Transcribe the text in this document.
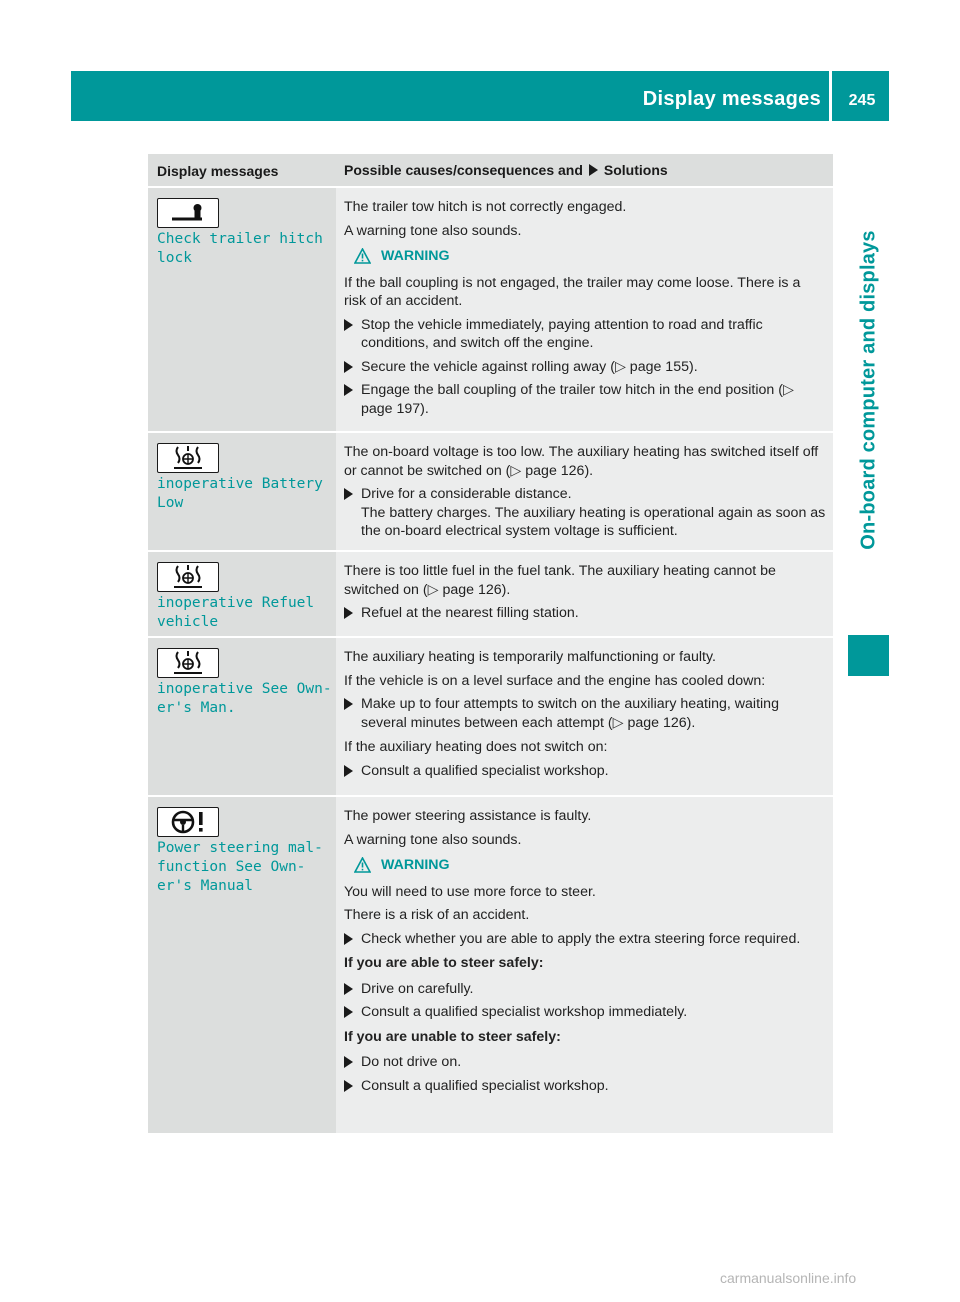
Display messages	245
On-board computer and displays
Display messages	Possible causes/consequences and Solutions
Check trailer hitch
lock
The trailer tow hitch is not correctly engaged.
A warning tone also sounds.
WARNING
If the ball coupling is not engaged, the trailer may come loose. There is a risk of an accident.
Stop the vehicle immediately, paying attention to road and traffic conditions, and switch off the engine.
Secure the vehicle against rolling away (▷ page 155).
Engage the ball coupling of the trailer tow hitch in the end position (▷ page 197).
inoperative Battery
Low
The on-board voltage is too low. The auxiliary heating has switched itself off or cannot be switched on (▷ page 126).
Drive for a considerable distance.
The battery charges. The auxiliary heating is operational again as soon as the on-board electrical system voltage is sufficient.
inoperative Refuel
vehicle
There is too little fuel in the fuel tank. The auxiliary heating cannot be switched on (▷ page 126).
Refuel at the nearest filling station.
inoperative See Own‐
er's Man.
The auxiliary heating is temporarily malfunctioning or faulty.
If the vehicle is on a level surface and the engine has cooled down:
Make up to four attempts to switch on the auxiliary heating, waiting several minutes between each attempt (▷ page 126).
If the auxiliary heating does not switch on:
Consult a qualified specialist workshop.
Power steering mal‐
function See Own‐
er's Manual
The power steering assistance is faulty.
A warning tone also sounds.
WARNING
You will need to use more force to steer.
There is a risk of an accident.
Check whether you are able to apply the extra steering force required.
If you are able to steer safely:
Drive on carefully.
Consult a qualified specialist workshop immediately.
If you are unable to steer safely:
Do not drive on.
Consult a qualified specialist workshop.
carmanualsonline.info
